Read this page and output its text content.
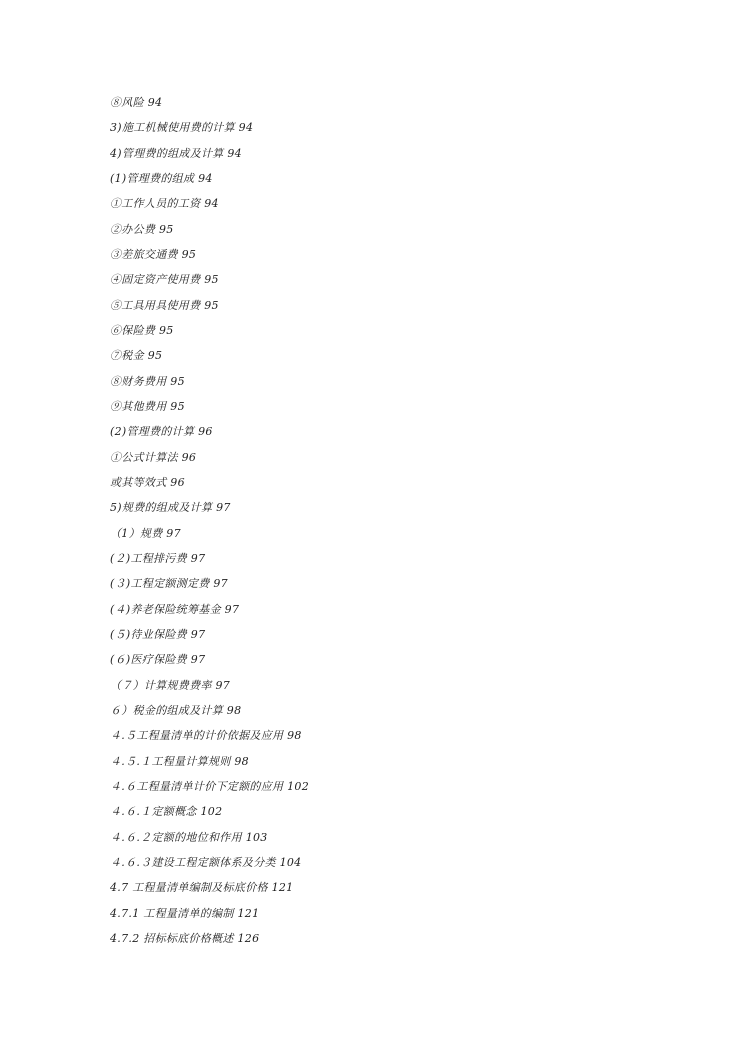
⑧风险 94
3)施工机械使用费的计算 94
4)管理费的组成及计算 94
(1)管理费的组成 94
①工作人员的工资 94
②办公费 95
③差旅交通费 95
④固定资产使用费 95
⑤工具用具使用费 95
⑥保险费 95
⑦税金 95
⑧财务费用 95
⑨其他费用 95
(2)管理费的计算 96
①公式计算法 96
或其等效式 96
5)规费的组成及计算 97
（1）规费 97
(２)工程排污费 97
(３)工程定额测定费 97
(４)养老保险统筹基金 97
(５)待业保险费 97
(６)医疗保险费 97
（７）计算规费费率 97
６）税金的组成及计算 98
４.５工程量清单的计价依据及应用 98
４.５.１工程量计算规则 98
４.６工程量清单计价下定额的应用 102
４.６.１定额概念 102
４.６.２定额的地位和作用 103
４.６.３建设工程定额体系及分类 104
4.7 工程量清单编制及标底价格 121
4.7.1 工程量清单的编制 121
4.7.2 招标标底价格概述 126
